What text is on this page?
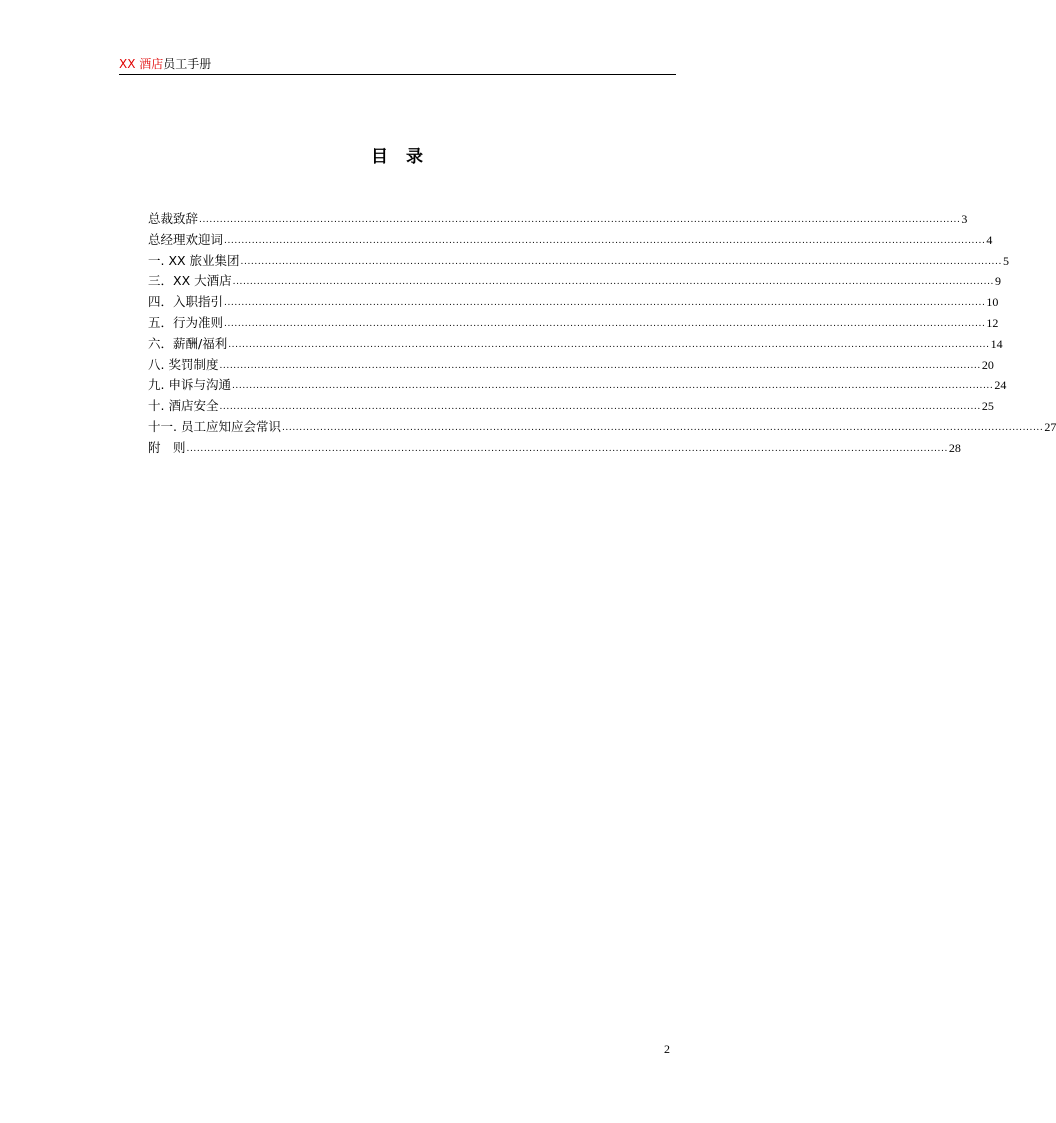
XX 酒店员工手册
目录
总裁致辞 ............................................................................................................................................................................................................................ 3
总经理欢迎词 ............................................................................................................................................................................................................................ 4
一. XX 旅业集团 ............................................................................................................................................................................................................................ 5
三．XX 大酒店 ............................................................................................................................................................................................................................ 9
四．入职指引 ............................................................................................................................................................................................................................ 10
五．行为准则 ............................................................................................................................................................................................................................ 12
六．薪酬/福利 ............................................................................................................................................................................................................................ 14
八. 奖罚制度 ............................................................................................................................................................................................................................ 20
九. 申诉与沟通 ............................................................................................................................................................................................................................ 24
十. 酒店安全 ............................................................................................................................................................................................................................ 25
十一. 员工应知应会常识 ............................................................................................................................................................................................................................ 27
附　则 ............................................................................................................................................................................................................................ 28
2
